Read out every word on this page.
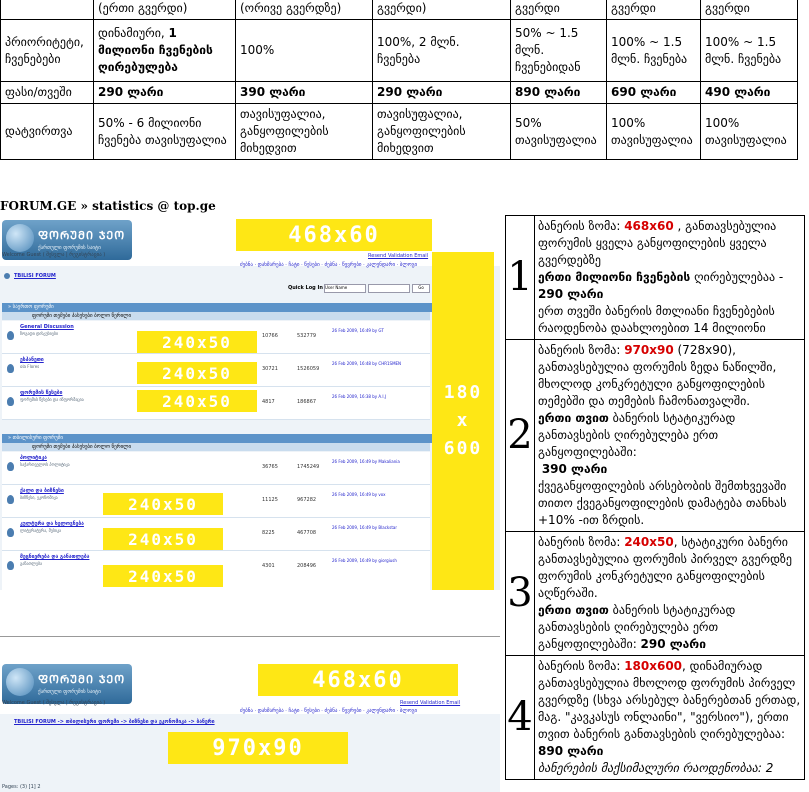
	(ერთი გვერდი)	(ორივე გვერდზე)	გვერდი)	გვერდი	გვერდი	გვერდი
პრიორიტეტი, ჩვენებები	დინამიური, 1 მილიონი ჩვენების ღირებულება	100%	100%, 2 მლნ. ჩვენება	50% ~ 1.5 მლნ. ჩვენებიდან	100% ~ 1.5 მლნ. ჩვენება	100% ~ 1.5 მლნ. ჩვენება
ფასი/თვეში	290 ლარი	390 ლარი	290 ლარი	890 ლარი	690 ლარი	490 ლარი
დატვირთვა	50% - 6 მილიონი ჩვენება თავისუფალია	თავისუფალია, განყოფილების მიხედვით	თავისუფალია, განყოფილების მიხედვით	50% თავისუფალია	100% თავისუფალია	100% თავისუფალია
FORUM.GE » statistics @ top.ge
ᲤᲝᲠᲣᲛᲘ ᲯᲔᲝ
ქართული ფორუმის საიტი
468x60
Resend Validation Email
Welcome Guest ( შესვლა | რეგისტრაცია )
ძებნა · დახმარება · ჩატი · წესები · ძებნა · წევრები · კალენდარი · ბლოგი
TBILISI FORUM
Quick Log In User Name	Go
» საერთო ფორუმი
ფორუმი თემები პასუხები ბოლო წერილი
General Discussion
ზოგადი დისკუსიები	10766	532779
26 Feb 2009, 16:49 by GT
ესპანეთი
ola Flores	30721	1526059
26 Feb 2009, 16:48 by CHR1SMEN
ფორუმის წესები
ფორუმის წესები და ინფორმაცია	4817	186867
26 Feb 2009, 16:38 by A.I.J
» თბილისური ფორუმი
ფორუმი თემები პასუხები ბოლო წერილი
პოლიტიკა
საქართველოს პოლიტიკა	36765	1745249
26 Feb 2009, 16:49 by Makaliania
ქალი და ბიზნესი
ბიზნესი, ეკონომიკა	11125	967282
26 Feb 2009, 16:49 by vox
კულტურა და ხელოვნება
ლიტერატურა, მუსიკა	8225	467708
26 Feb 2009, 16:49 by Blackstar
მეცნიერება და განათლება
განათლება	4301	208496
26 Feb 2009, 16:49 by giorgiush
240x50
240x50
240x50
240x50
240x50
240x50
180
x
600
ᲤᲝᲠᲣᲛᲘ ᲯᲔᲝ
ქართული ფორუმის საიტი	468x60
Welcome Guest ( შესვლა | რეგისტრაცია )	Resend Validation Email
ძებნა · დახმარება · ჩატი · წესები · ძებნა · წევრები · კალენდარი · ბლოგი
TBILISI FORUM -> თბილისური ფორუმი -> ბიზნესი და ეკონომიკა -> ბანერი
970x90
Pages: (3) [1] 2
1	ბანერის ზომა: 468x60 , განთავსებულია ფორუმის ყველა განყოფილების ყველა გვერდებზე
ერთი მილიონი ჩვენების ღირებულებაა -
290 ლარი
ერთ თვეში ბანერის მთლიანი ჩვენებების რაოდენობა დაახლოებით 14 მილიონი
2	ბანერის ზომა: 970x90 (728x90), განთავსებულია ფორუმის ზედა ნაწილში, მხოლოდ კონკრეტული განყოფილების თემებში და თემების ჩამონათვალში.
ერთი თვით ბანერის სტატიკურად განთავსების ღირებულება ერთ განყოფილებაში:
390 ლარი
ქვეგანყოფილების არსებობის შემთხვევაში თითო ქვეგანყოფილების დამატება თანხას +10% -ით ზრდის.
3	ბანერის ზომა: 240x50, სტატიკური ბანერი განთავსებულია ფორუმის პირველ გვერდზე ფორუმის კონკრეტული განყოფილების აღწერაში.
ერთი თვით ბანერის სტატიკურად განთავსების ღირებულება ერთ განყოფილებაში: 290 ლარი
4	ბანერის ზომა: 180x600, დინამიურად განთავსებულია მხოლოდ ფორუმის პირველ გვერდზე (სხვა არსებულ ბანერებთან ერთად, მაგ. "კავკასუს ონლაინი", "ვერსიო"), ერთი თვით ბანერის განთავსების ღირებულებაა: 890 ლარი
ბანერების მაქსიმალური რაოდენობაა: 2
